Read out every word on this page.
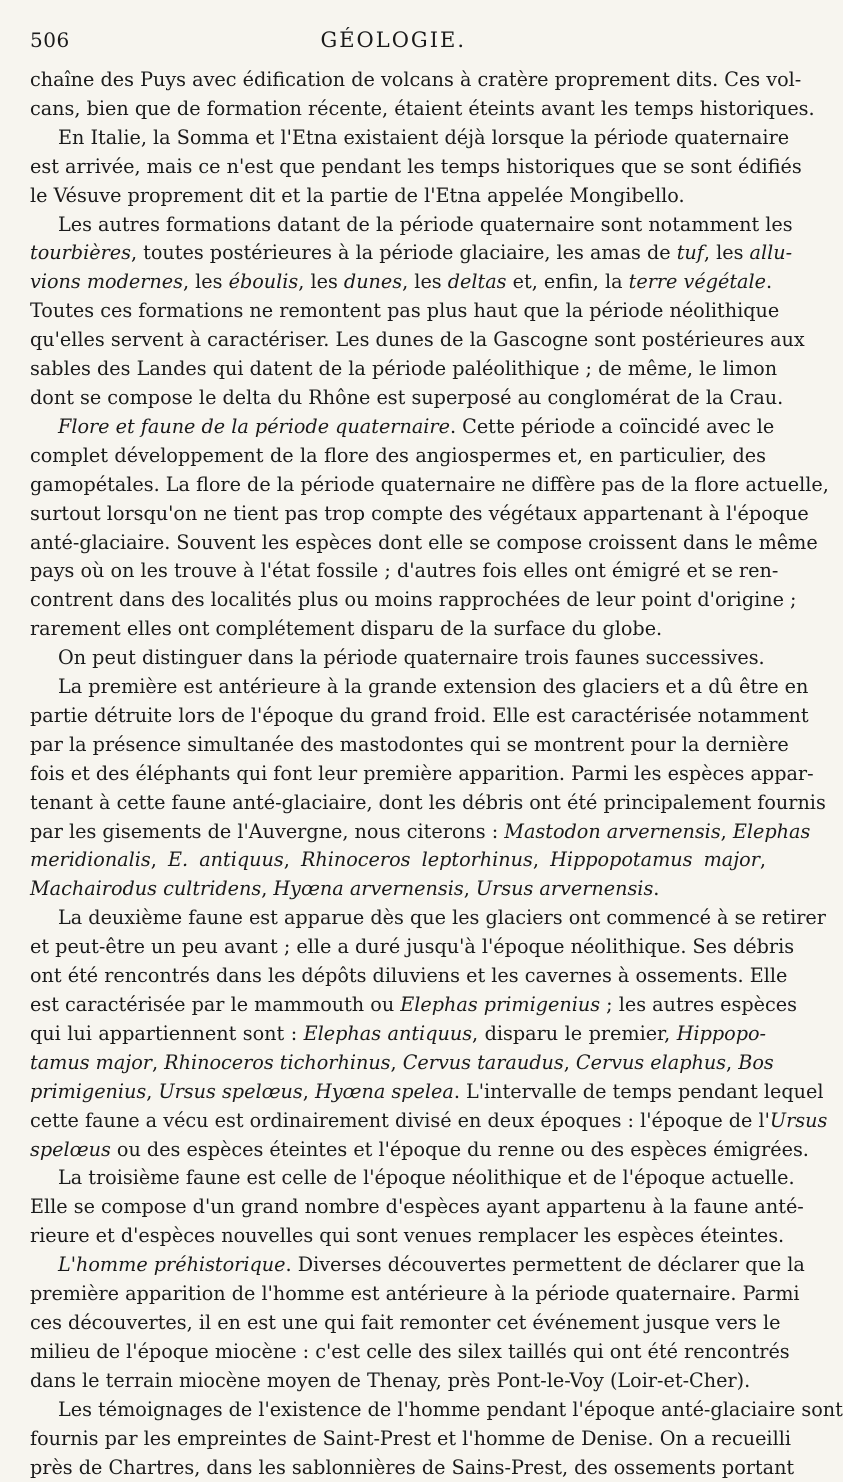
506	GÉOLOGIE.
chaîne des Puys avec édification de volcans à cratère proprement dits. Ces vol-
cans, bien que de formation récente, étaient éteints avant les temps historiques.
En Italie, la Somma et l'Etna existaient déjà lorsque la période quaternaire
est arrivée, mais ce n'est que pendant les temps historiques que se sont édifiés
le Vésuve proprement dit et la partie de l'Etna appelée Mongibello.
Les autres formations datant de la période quaternaire sont notamment les
tourbières, toutes postérieures à la période glaciaire, les amas de tuf, les allu-
vions modernes, les éboulis, les dunes, les deltas et, enfin, la terre végétale.
Toutes ces formations ne remontent pas plus haut que la période néolithique
qu'elles servent à caractériser. Les dunes de la Gascogne sont postérieures aux
sables des Landes qui datent de la période paléolithique ; de même, le limon
dont se compose le delta du Rhône est superposé au conglomérat de la Crau.
Flore et faune de la période quaternaire. Cette période a coïncidé avec le
complet développement de la flore des angiospermes et, en particulier, des
gamopétales. La flore de la période quaternaire ne diffère pas de la flore actuelle,
surtout lorsqu'on ne tient pas trop compte des végétaux appartenant à l'époque
anté-glaciaire. Souvent les espèces dont elle se compose croissent dans le même
pays où on les trouve à l'état fossile ; d'autres fois elles ont émigré et se ren-
contrent dans des localités plus ou moins rapprochées de leur point d'origine ;
rarement elles ont complétement disparu de la surface du globe.
On peut distinguer dans la période quaternaire trois faunes successives.
La première est antérieure à la grande extension des glaciers et a dû être en
partie détruite lors de l'époque du grand froid. Elle est caractérisée notamment
par la présence simultanée des mastodontes qui se montrent pour la dernière
fois et des éléphants qui font leur première apparition. Parmi les espèces appar-
tenant à cette faune anté-glaciaire, dont les débris ont été principalement fournis
par les gisements de l'Auvergne, nous citerons : Mastodon arvernensis, Elephas
meridionalis, E. antiquus, Rhinoceros leptorhinus, Hippopotamus major,
Machairodus cultridens, Hyœna arvernensis, Ursus arvernensis.
La deuxième faune est apparue dès que les glaciers ont commencé à se retirer
et peut-être un peu avant ; elle a duré jusqu'à l'époque néolithique. Ses débris
ont été rencontrés dans les dépôts diluviens et les cavernes à ossements. Elle
est caractérisée par le mammouth ou Elephas primigenius ; les autres espèces
qui lui appartiennent sont : Elephas antiquus, disparu le premier, Hippopo-
tamus major, Rhinoceros tichorhinus, Cervus taraudus, Cervus elaphus, Bos
primigenius, Ursus spelœus, Hyœna spelea. L'intervalle de temps pendant lequel
cette faune a vécu est ordinairement divisé en deux époques : l'époque de l'Ursus
spelœus ou des espèces éteintes et l'époque du renne ou des espèces émigrées.
La troisième faune est celle de l'époque néolithique et de l'époque actuelle.
Elle se compose d'un grand nombre d'espèces ayant appartenu à la faune anté-
rieure et d'espèces nouvelles qui sont venues remplacer les espèces éteintes.
L'homme préhistorique. Diverses découvertes permettent de déclarer que la
première apparition de l'homme est antérieure à la période quaternaire. Parmi
ces découvertes, il en est une qui fait remonter cet événement jusque vers le
milieu de l'époque miocène : c'est celle des silex taillés qui ont été rencontrés
dans le terrain miocène moyen de Thenay, près Pont-le-Voy (Loir-et-Cher).
Les témoignages de l'existence de l'homme pendant l'époque anté-glaciaire sont
fournis par les empreintes de Saint-Prest et l'homme de Denise. On a recueilli
près de Chartres, dans les sablonnières de Sains-Prest, des ossements portant
